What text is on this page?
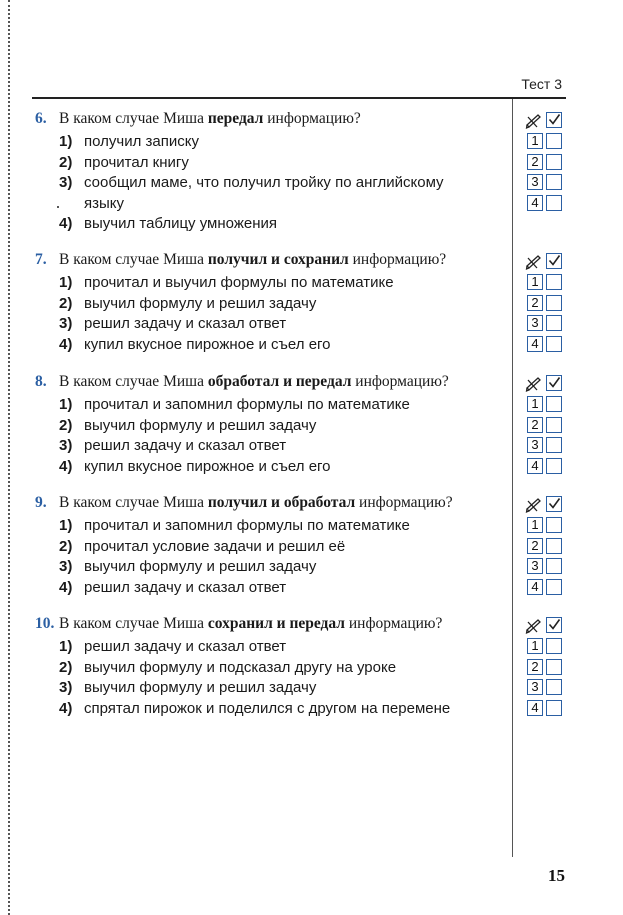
Тест 3
6. В каком случае Миша передал информацию?
1) получил записку
2) прочитал книгу
3) сообщил маме, что получил тройку по английскому
языку
4) выучил таблицу умножения
7. В каком случае Миша получил и сохранил информацию?
1) прочитал и выучил формулы по математике
2) выучил формулу и решил задачу
3) решил задачу и сказал ответ
4) купил вкусное пирожное и съел его
8. В каком случае Миша обработал и передал информацию?
1) прочитал и запомнил формулы по математике
2) выучил формулу и решил задачу
3) решил задачу и сказал ответ
4) купил вкусное пирожное и съел его
9. В каком случае Миша получил и обработал информацию?
1) прочитал и запомнил формулы по математике
2) прочитал условие задачи и решил её
3) выучил формулу и решил задачу
4) решил задачу и сказал ответ
10. В каком случае Миша сохранил и передал информацию?
1) решил задачу и сказал ответ
2) выучил формулу и подсказал другу на уроке
3) выучил формулу и решил задачу
4) спрятал пирожок и поделился с другом на перемене
1
2
3
4
1
2
3
4
1
2
3
4
1
2
3
4
1
2
3
4
15
